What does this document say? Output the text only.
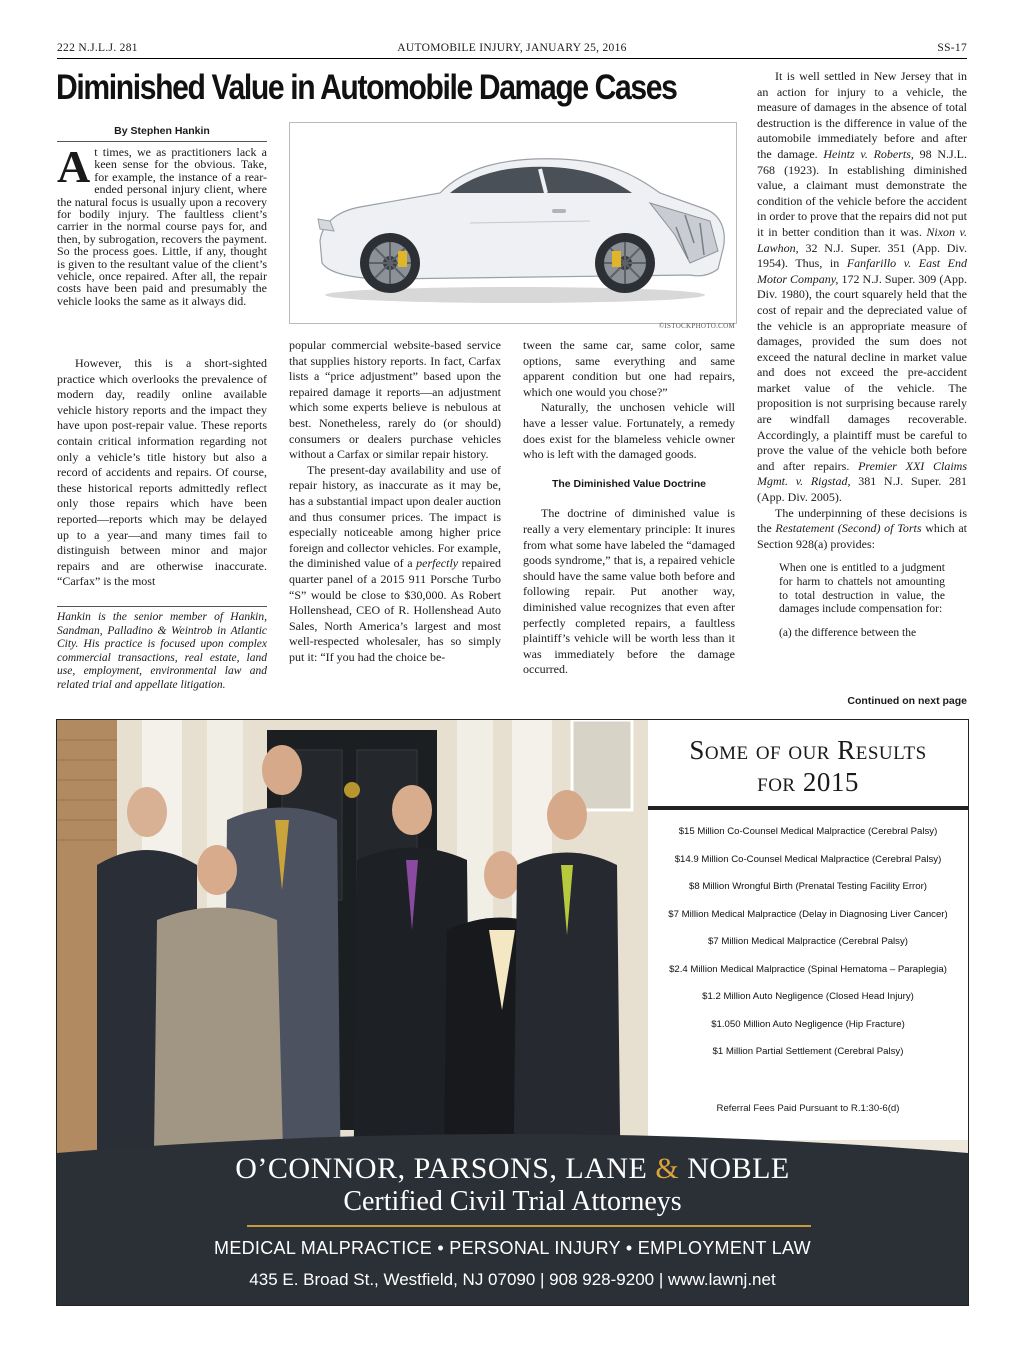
222 N.J.L.J. 281	AUTOMOBILE INJURY, JANUARY 25, 2016	SS-17
Diminished Value in Automobile Damage Cases
By Stephen Hankin

At times, we as practitioners lack a keen sense for the obvious. Take, for example, the instance of a rear-ended personal injury client, where the natural focus is usually upon a recovery for bodily injury. The faultless client’s carrier in the normal course pays for, and then, by subrogation, recovers the payment. So the process goes. Little, if any, thought is given to the resultant value of the client’s vehicle, once repaired. After all, the repair costs have been paid and presumably the vehicle looks the same as it always did.

However, this is a short-sighted practice which overlooks the prevalence of modern day, readily online available vehicle history reports and the impact they have upon post-repair value. These reports contain critical information regarding not only a vehicle’s title history but also a record of accidents and repairs. Of course, these historical reports admittedly reflect only those repairs which have been reported—reports which may be delayed up to a year—and many times fail to distinguish between minor and major repairs and are otherwise inaccurate. “Carfax” is the most

Hankin is the senior member of Hankin, Sandman, Palladino & Weintrob in Atlantic City. His practice is focused upon complex commercial transactions, real estate, land use, employment, environmental law and related trial and appellate litigation.
©ISTOCKPHOTO.COM

popular commercial website-based service that supplies history reports. In fact, Carfax lists a “price adjustment” based upon the repaired damage it reports—an adjustment which some experts believe is nebulous at best. Nonetheless, rarely do (or should) consumers or dealers purchase vehicles without a Carfax or similar repair history.

The present-day availability and use of repair history, as inaccurate as it may be, has a substantial impact upon dealer auction and thus consumer prices. The impact is especially noticeable among higher price foreign and collector vehicles. For example, the diminished value of a perfectly repaired quarter panel of a 2015 911 Porsche Turbo “S” would be close to $30,000. As Robert Hollenshead, CEO of R. Hollenshead Auto Sales, North America’s largest and most well-respected wholesaler, has so simply put it: “If you had the choice be-

tween the same car, same color, same options, same everything and same apparent condition but one had repairs, which one would you chose?”

Naturally, the unchosen vehicle will have a lesser value. Fortunately, a remedy does exist for the blameless vehicle owner who is left with the damaged goods.

The Diminished Value Doctrine

The doctrine of diminished value is really a very elementary principle: It inures from what some have labeled the “damaged goods syndrome,” that is, a repaired vehicle should have the same value both before and following repair. Put another way, diminished value recognizes that even after perfectly completed repairs, a faultless plaintiff’s vehicle will be worth less than it was immediately before the damage occurred.

It is well settled in New Jersey that in an action for injury to a vehicle, the measure of damages in the absence of total destruction is the difference in value of the automobile immediately before and after the damage. Heintz v. Roberts, 98 N.J.L. 768 (1923). In establishing diminished value, a claimant must demonstrate the condition of the vehicle before the accident in order to prove that the repairs did not put it in better condition than it was. Nixon v. Lawhon, 32 N.J. Super. 351 (App. Div. 1954). Thus, in Fanfarillo v. East End Motor Company, 172 N.J. Super. 309 (App. Div. 1980), the court squarely held that the cost of repair and the depreciated value of the vehicle is an appropriate measure of damages, provided the sum does not exceed the natural decline in market value and does not exceed the pre-accident market value of the vehicle. The proposition is not surprising because rarely are windfall damages recoverable. Accordingly, a plaintiff must be careful to prove the value of the vehicle both before and after repairs. Premier XXI Claims Mgmt. v. Rigstad, 381 N.J. Super. 281 (App. Div. 2005).

The underpinning of these decisions is the Restatement (Second) of Torts which at Section 928(a) provides:

When one is entitled to a judgment for harm to chattels not amounting to total destruction in value, the damages include compensation for:

(a) the difference between the

Continued on next page
Some of our Results
for 2015
$15 Million Co-Counsel Medical Malpractice (Cerebral Palsy)
$14.9 Million Co-Counsel Medical Malpractice (Cerebral Palsy)
$8 Million Wrongful Birth (Prenatal Testing Facility Error)
$7 Million Medical Malpractice (Delay in Diagnosing Liver Cancer)
$7 Million Medical Malpractice (Cerebral Palsy)
$2.4 Million Medical Malpractice (Spinal Hematoma – Paraplegia)
$1.2 Million Auto Negligence (Closed Head Injury)
$1.050 Million Auto Negligence (Hip Fracture)
$1 Million Partial Settlement (Cerebral Palsy)
Referral Fees Paid Pursuant to R.1:30-6(d)
O’CONNOR, PARSONS, LANE & NOBLE
Certified Civil Trial Attorneys
MEDICAL MALPRACTICE • PERSONAL INJURY • EMPLOYMENT LAW
435 E. Broad St., Westfield, NJ 07090 | 908 928-9200 | www.lawnj.net
